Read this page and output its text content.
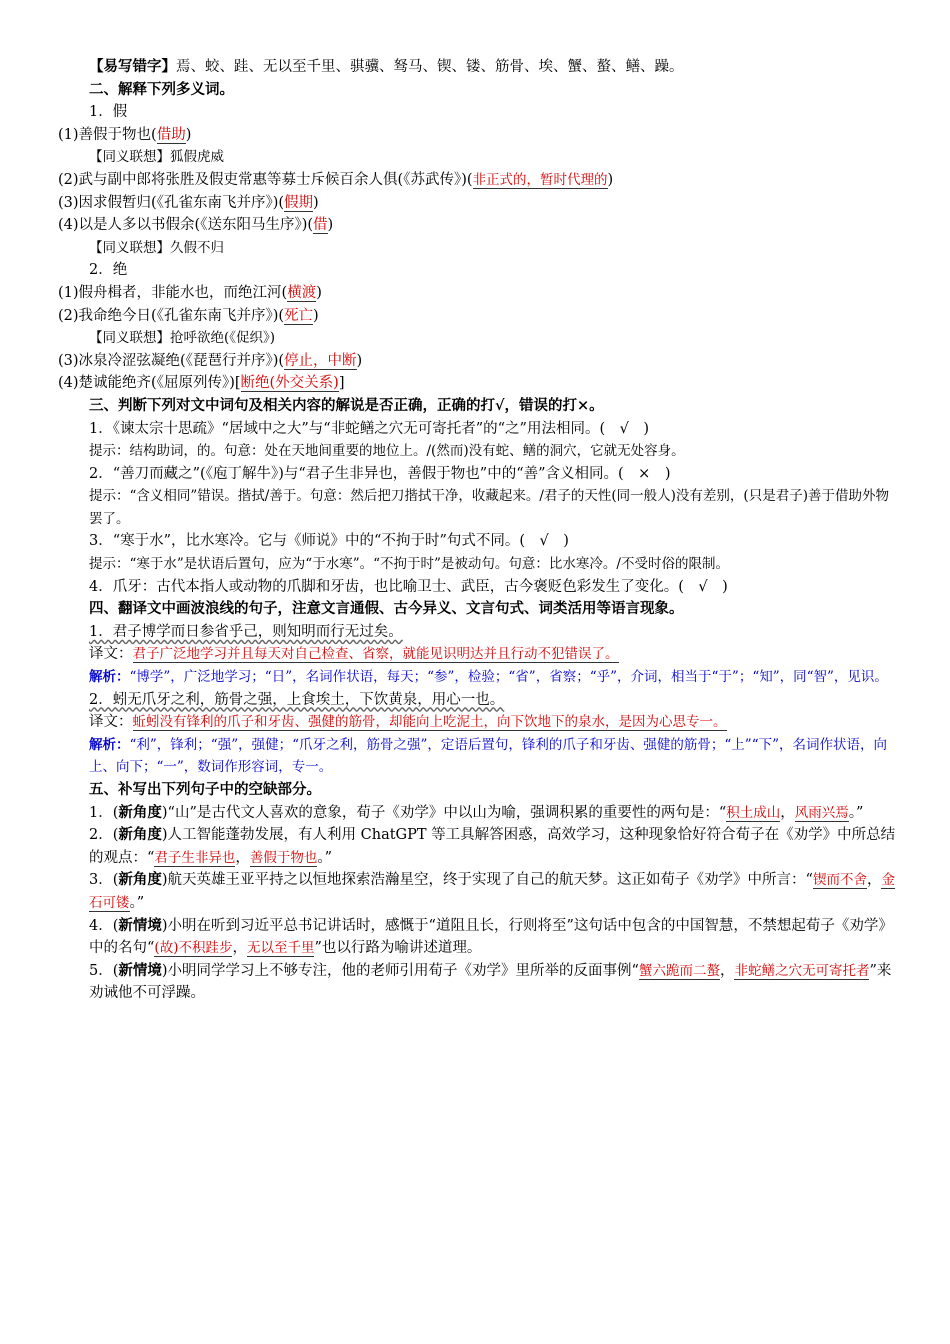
【易写错字】焉、蛟、跬、无以至千里、骐骥、驽马、锲、镂、筋骨、埃、蟹、螯、鳝、躁。
二、解释下列多义词。
1．假
(1)善假于物也(借助)
【同义联想】狐假虎威
(2)武与副中郎将张胜及假吏常惠等募士斥候百余人俱(《苏武传》)(非正式的，暂时代理的)
(3)因求假暂归(《孔雀东南飞并序》)(假期)
(4)以是人多以书假余(《送东阳马生序》)(借)
【同义联想】久假不归
2．绝
(1)假舟楫者，非能水也，而绝江河(横渡)
(2)我命绝今日(《孔雀东南飞并序》)(死亡)
【同义联想】抢呼欲绝(《促织》)
(3)冰泉冷涩弦凝绝(《琵琶行并序》)(停止，中断)
(4)楚诚能绝齐(《屈原列传》)[断绝(外交关系)]
三、判断下列对文中词句及相关内容的解说是否正确，正确的打√，错误的打×。
1．《谏太宗十思疏》“居域中之大”与“非蛇鳝之穴无可寄托者”的“之”用法相同。(　√　)
提示：结构助词，的。句意：处在天地间重要的地位上。/(然而)没有蛇、鳝的洞穴，它就无处容身。
2．“善刀而藏之”(《庖丁解牛》)与“君子生非异也，善假于物也”中的“善”含义相同。(　×　)
提示：“含义相同”错误。揩拭/善于。句意：然后把刀揩拭干净，收藏起来。/君子的天性(同一般人)没有差别，(只是君子)善于借助外物罢了。
3．“寒于水”，比水寒冷。它与《师说》中的“不拘于时”句式不同。(　√　)
提示：“寒于水”是状语后置句，应为“于水寒”。“不拘于时”是被动句。句意：比水寒冷。/不受时俗的限制。
4．爪牙：古代本指人或动物的爪脚和牙齿，也比喻卫士、武臣，古今褒贬色彩发生了变化。(　√　)
四、翻译文中画波浪线的句子，注意文言通假、古今异义、文言句式、词类活用等语言现象。
1．君子博学而日参省乎己，则知明而行无过矣。
译文：君子广泛地学习并且每天对自己检查、省察，就能见识明达并且行动不犯错误了。
解析：“博学”，广泛地学习；“日”，名词作状语，每天；“参”，检验；“省”，省察；“乎”，介词，相当于“于”；“知”，同“智”，见识。
2．蚓无爪牙之利，筋骨之强，上食埃土，下饮黄泉，用心一也。
译文：蚯蚓没有锋利的爪子和牙齿、强健的筋骨，却能向上吃泥土，向下饮地下的泉水，是因为心思专一。
解析：“利”，锋利；“强”，强健；“爪牙之利，筋骨之强”，定语后置句，锋利的爪子和牙齿、强健的筋骨；“上”“下”，名词作状语，向上、向下；“一”，数词作形容词，专一。
五、补写出下列句子中的空缺部分。
1．(新角度)“山”是古代文人喜欢的意象，荀子《劝学》中以山为喻，强调积累的重要性的两句是：“积土成山，风雨兴焉。”
2．(新角度)人工智能蓬勃发展，有人利用 ChatGPT 等工具解答困惑，高效学习，这种现象恰好符合荀子在《劝学》中所总结的观点：“君子生非异也，善假于物也。”
3．(新角度)航天英雄王亚平持之以恒地探索浩瀚星空，终于实现了自己的航天梦。这正如荀子《劝学》中所言：“锲而不舍，金石可镂。”
4．(新情境)小明在听到习近平总书记讲话时，感慨于“道阻且长，行则将至”这句话中包含的中国智慧，不禁想起荀子《劝学》中的名句“(故)不积跬步，无以至千里”也以行路为喻讲述道理。
5．(新情境)小明同学学习上不够专注，他的老师引用荀子《劝学》里所举的反面事例“蟹六跪而二螯，非蛇鳝之穴无可寄托者”来劝诫他不可浮躁。
